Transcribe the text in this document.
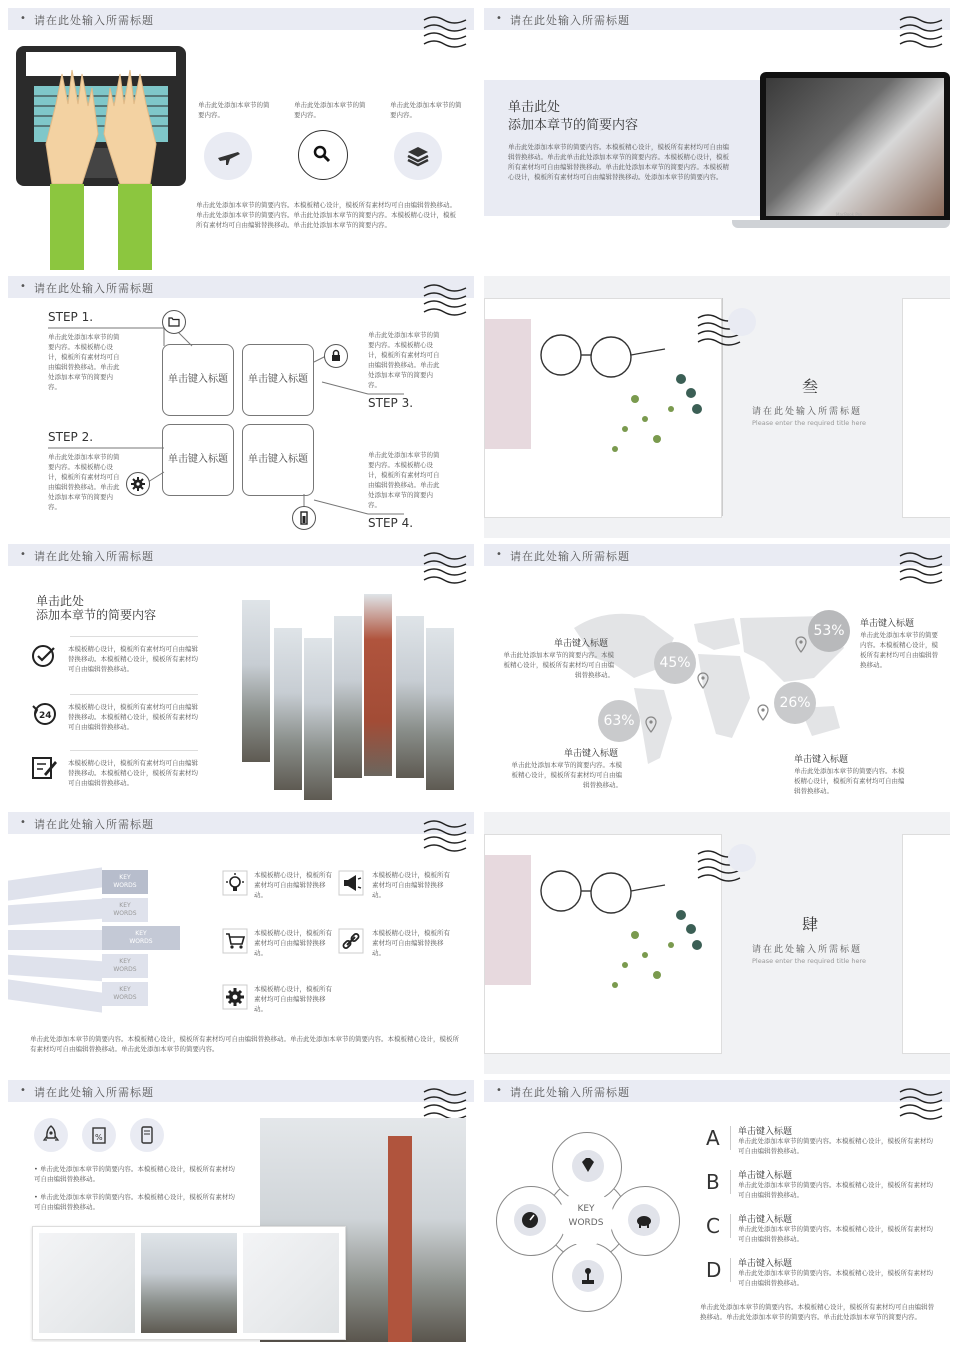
• 请在此处输入所需标题
单击此处添加本章节的简要内容。
单击此处添加本章节的简要内容。
单击此处添加本章节的简要内容。
单击此处添加本章节的简要内容。本模板精心设计，模板所有素材均可自由编辑替换移动。单击此处添加本章节的简要内容。单击此处添加本章节的简要内容。本模板精心设计，模板所有素材均可自由编辑替换移动。单击此处添加本章节的简要内容。
• 请在此处输入所需标题
单击此处
添加本章节的简要内容
单击此处添加本章节的简要内容。本模板精心设计，模板所有素材均可自由编辑替换移动。单击此单击此处添加本章节的简要内容。本模板精心设计，模板所有素材均可自由编辑替换移动。单击此处添加本章节的简要内容。本模板精心设计，模板所有素材均可自由编辑替换移动。处添加本章节的简要内容。
MacBook Pro
• 请在此处输入所需标题
STEP 1.
STEP 2.
STEP 3.
STEP 4.
单击此处添加本章节的简要内容。本模板精心设计，模板所有素材均可自由编辑替换移动。单击此处添加本章节的简要内容。
单击此处添加本章节的简要内容。本模板精心设计，模板所有素材均可自由编辑替换移动。单击此处添加本章节的简要内容。
单击此处添加本章节的简要内容。本模板精心设计，模板所有素材均可自由编辑替换移动。单击此处添加本章节的简要内容。
单击此处添加本章节的简要内容。本模板精心设计，模板所有素材均可自由编辑替换移动。单击此处添加本章节的简要内容。
单击键入标题 单击键入标题
单击键入标题 单击键入标题
叁
请在此处输入所需标题
Please enter the required title here
• 请在此处输入所需标题
单击此处
添加本章节的简要内容
24
本模板精心设计，模板所有素材均可自由编辑替换移动。本模板精心设计，模板所有素材均可自由编辑替换移动。
本模板精心设计，模板所有素材均可自由编辑替换移动。本模板精心设计，模板所有素材均可自由编辑替换移动。
本模板精心设计，模板所有素材均可自由编辑替换移动。本模板精心设计，模板所有素材均可自由编辑替换移动。
• 请在此处输入所需标题
45%
53%
63%
26%
单击键入标题
单击此处添加本章节的简要内容。本模板精心设计，模板所有素材均可自由编辑替换移动。
单击键入标题
单击此处添加本章节的简要内容。本模板精心设计，模板所有素材均可自由编辑替换移动。
单击键入标题
单击此处添加本章节的简要内容。本模板精心设计，模板所有素材均可自由编辑替换移动。
单击键入标题
单击此处添加本章节的简要内容。本模板精心设计，模板所有素材均可自由编辑替换移动。
• 请在此处输入所需标题
KEY
WORDS
KEY
WORDS
KEY
WORDS
KEY
WORDS
KEY
WORDS
本模板精心设计，模板所有素材均可自由编辑替换移动。
本模板精心设计，模板所有素材均可自由编辑替换移动。
本模板精心设计，模板所有素材均可自由编辑替换移动。
本模板精心设计，模板所有素材均可自由编辑替换移动。
本模板精心设计，模板所有素材均可自由编辑替换移动。
单击此处添加本章节的简要内容。本模板精心设计，模板所有素材均可自由编辑替换移动。单击此处添加本章节的简要内容。本模板精心设计，模板所有素材均可自由编辑替换移动。单击此处添加本章节的简要内容。
肆
请在此处输入所需标题
Please enter the required title here
• 请在此处输入所需标题
%
• 单击此处添加本章节的简要内容。本模板精心设计，模板所有素材均可自由编辑替换移动。
• 单击此处添加本章节的简要内容。本模板精心设计，模板所有素材均可自由编辑替换移动。
• 请在此处输入所需标题
KEY
WORDS
A
B
C
D
单击键入标题
单击此处添加本章节的简要内容。本模板精心设计，模板所有素材均可自由编辑替换移动。
单击键入标题
单击此处添加本章节的简要内容。本模板精心设计，模板所有素材均可自由编辑替换移动。
单击键入标题
单击此处添加本章节的简要内容。本模板精心设计，模板所有素材均可自由编辑替换移动。
单击键入标题
单击此处添加本章节的简要内容。本模板精心设计，模板所有素材均可自由编辑替换移动。
单击此处添加本章节的简要内容。本模板精心设计，模板所有素材均可自由编辑替换移动。单击此处添加本章节的简要内容。单击此处添加本章节的简要内容。
